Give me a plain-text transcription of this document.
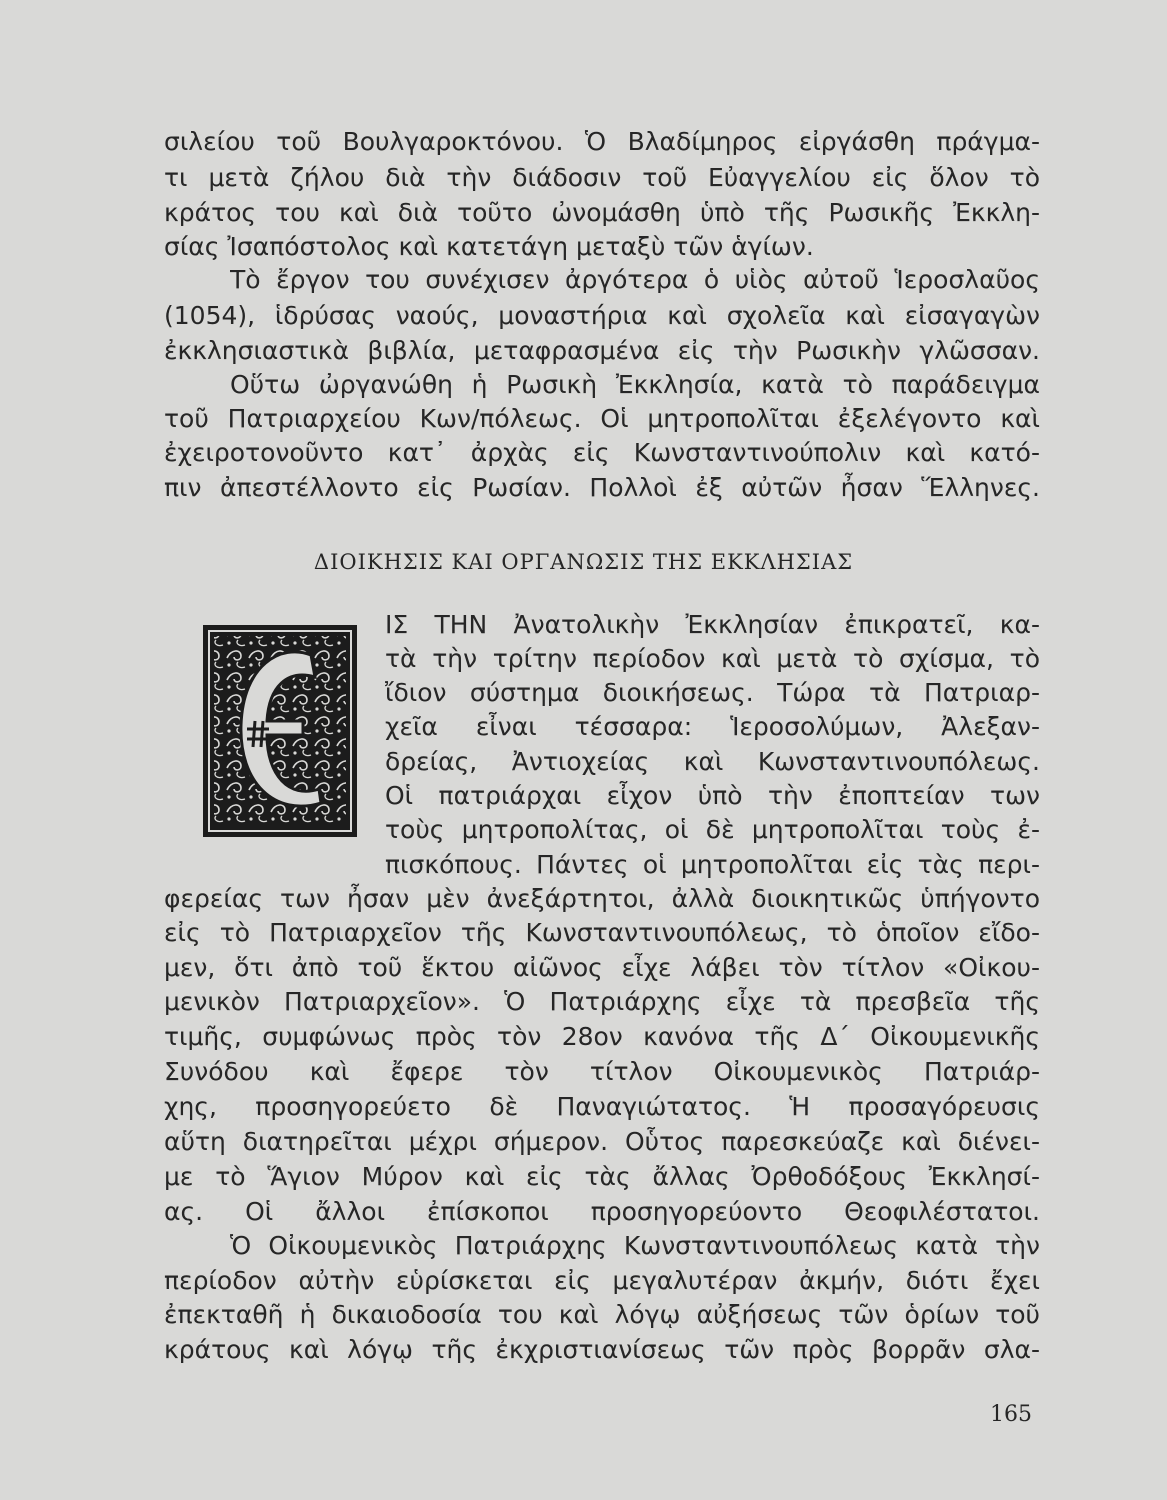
σιλείου τοῦ Βουλγαροκτόνου. Ὁ Βλαδίμηρος εἰργάσθη πράγμα-
τι μετὰ ζήλου διὰ τὴν διάδοσιν τοῦ Εὐαγγελίου εἰς ὅλον τὸ
κράτος του καὶ διὰ τοῦτο ὠνομάσθη ὑπὸ τῆς Ρωσικῆς Ἐκκλη-
σίας Ἰσαπόστολος καὶ κατετάγη μεταξὺ τῶν ἁγίων.
Τὸ ἔργον του συνέχισεν ἀργότερα ὁ υἱὸς αὐτοῦ Ἱεροσλαῦος
(1054), ἱδρύσας ναούς, μοναστήρια καὶ σχολεῖα καὶ εἰσαγαγὼν
ἐκκλησιαστικὰ βιβλία, μεταφρασμένα εἰς τὴν Ρωσικὴν γλῶσσαν.
Οὕτω ὠργανώθη ἡ Ρωσικὴ Ἐκκλησία, κατὰ τὸ παράδειγμα
τοῦ Πατριαρχείου Κων/πόλεως. Οἱ μητροπολῖται ἐξελέγοντο καὶ
ἐχειροτονοῦντο κατ᾽ ἀρχὰς εἰς Κωνσταντινούπολιν καὶ κατό-
πιν ἀπεστέλλοντο εἰς Ρωσίαν. Πολλοὶ ἐξ αὐτῶν ἦσαν Ἕλληνες.
ΔΙΟΙΚΗΣΙΣ ΚΑΙ ΟΡΓΑΝΩΣΙΣ ΤΗΣ ΕΚΚΛΗΣΙΑΣ
ΙΣ ΤΗΝ Ἀνατολικὴν Ἐκκλησίαν ἐπικρατεῖ, κα-
τὰ τὴν τρίτην περίοδον καὶ μετὰ τὸ σχίσμα, τὸ
ἴδιον σύστημα διοικήσεως. Τώρα τὰ Πατριαρ-
χεῖα εἶναι τέσσαρα: Ἱεροσολύμων, Ἀλεξαν-
δρείας, Ἀντιοχείας καὶ Κωνσταντινουπόλεως.
Οἱ πατριάρχαι εἶχον ὑπὸ τὴν ἐποπτείαν των
τοὺς μητροπολίτας, οἱ δὲ μητροπολῖται τοὺς ἐ-
πισκόπους. Πάντες οἱ μητροπολῖται εἰς τὰς περι-
φερείας των ἦσαν μὲν ἀνεξάρτητοι, ἀλλὰ διοικητικῶς ὑπήγοντο
εἰς τὸ Πατριαρχεῖον τῆς Κωνσταντινουπόλεως, τὸ ὁποῖον εἴδο-
μεν, ὅτι ἀπὸ τοῦ ἕκτου αἰῶνος εἶχε λάβει τὸν τίτλον «Οἰκου-
μενικὸν Πατριαρχεῖον». Ὁ Πατριάρχης εἶχε τὰ πρεσβεῖα τῆς
τιμῆς, συμφώνως πρὸς τὸν 28ον κανόνα τῆς Δ΄ Οἰκουμενικῆς
Συνόδου καὶ ἔφερε τὸν τίτλον Οἰκουμενικὸς Πατριάρ-
χης, προσηγορεύετο δὲ Παναγιώτατος. Ἡ προσαγόρευσις
αὕτη διατηρεῖται μέχρι σήμερον. Οὗτος παρεσκεύαζε καὶ διένει-
με τὸ Ἅγιον Μύρον καὶ εἰς τὰς ἄλλας Ὀρθοδόξους Ἐκκλησί-
ας. Οἱ ἄλλοι ἐπίσκοποι προσηγορεύοντο Θεοφιλέστατοι.
Ὁ Οἰκουμενικὸς Πατριάρχης Κωνσταντινουπόλεως κατὰ τὴν
περίοδον αὐτὴν εὑρίσκεται εἰς μεγαλυτέραν ἀκμήν, διότι ἔχει
ἐπεκταθῆ ἡ δικαιοδοσία του καὶ λόγῳ αὐξήσεως τῶν ὁρίων τοῦ
κράτους καὶ λόγῳ τῆς ἐκχριστιανίσεως τῶν πρὸς βορρᾶν σλα-
165
